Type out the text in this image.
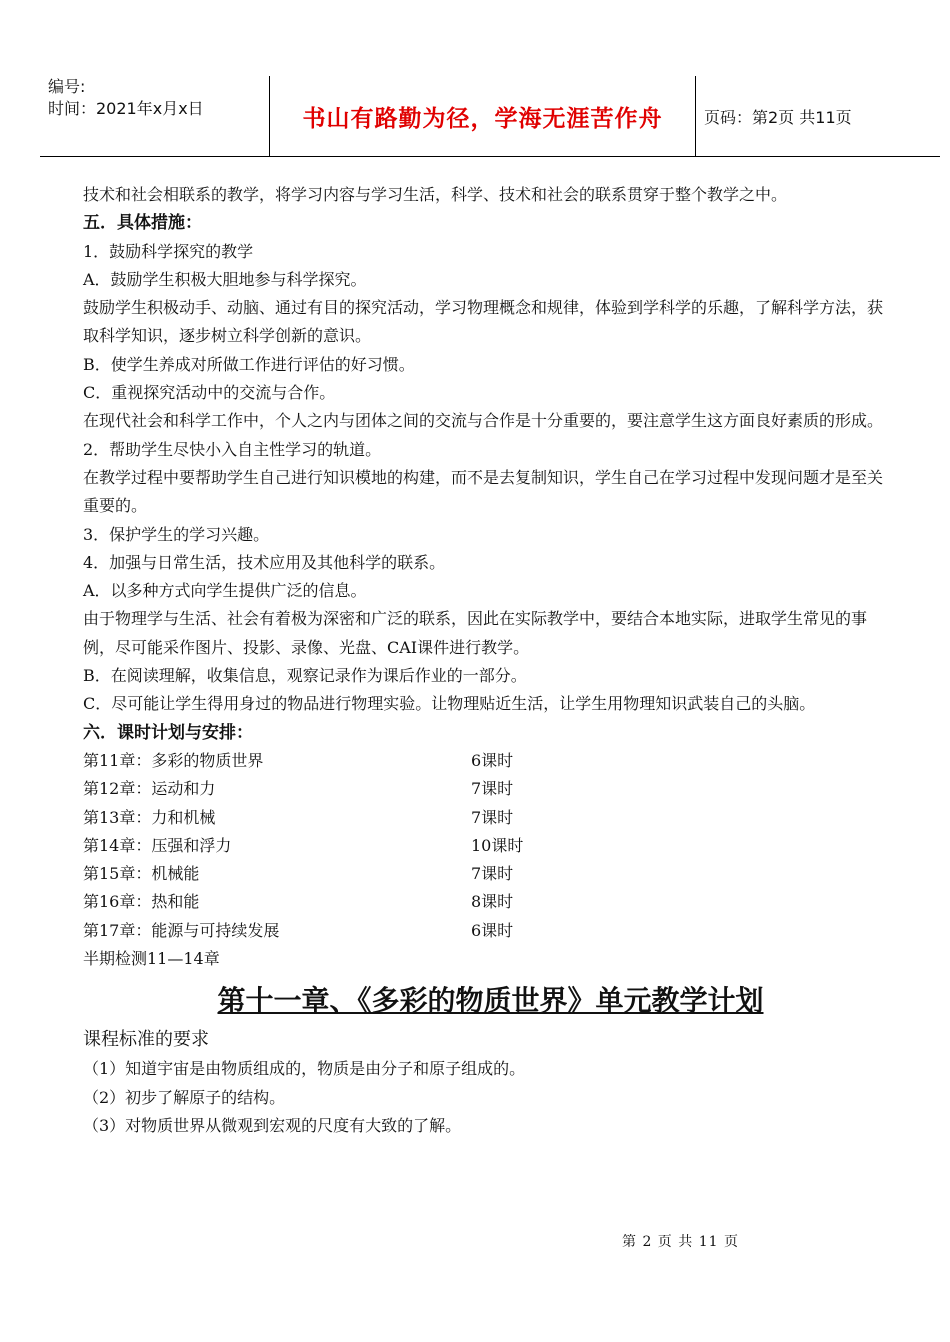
编号:
时间：2021年x月x日	书山有路勤为径，学海无涯苦作舟	页码：第2页 共11页

技术和社会相联系的教学，将学习内容与学习生活，科学、技术和社会的联系贯穿于整个教学之中。

五．具体措施：

1．鼓励科学探究的教学

A．鼓励学生积极大胆地参与科学探究。

鼓励学生积极动手、动脑、通过有目的探究活动，学习物理概念和规律，体验到学科学的乐趣，了解科学方法，获取科学知识，逐步树立科学创新的意识。

B．使学生养成对所做工作进行评估的好习惯。

C．重视探究活动中的交流与合作。

在现代社会和科学工作中，个人之内与团体之间的交流与合作是十分重要的，要注意学生这方面良好素质的形成。

2．帮助学生尽快小入自主性学习的轨道。

在教学过程中要帮助学生自己进行知识模地的构建，而不是去复制知识，学生自己在学习过程中发现问题才是至关重要的。

3．保护学生的学习兴趣。

4．加强与日常生活，技术应用及其他科学的联系。

A．以多种方式向学生提供广泛的信息。

由于物理学与生活、社会有着极为深密和广泛的联系，因此在实际教学中，要结合本地实际，进取学生常见的事例，尽可能采作图片、投影、录像、光盘、CAI课件进行教学。

B．在阅读理解，收集信息，观察记录作为课后作业的一部分。

C．尽可能让学生得用身过的物品进行物理实验。让物理贴近生活，让学生用物理知识武装自己的头脑。

六．课时计划与安排：

第11章：多彩的物质世界	6课时
第12章：运动和力	7课时
第13章：力和机械	7课时
第14章：压强和浮力	10课时
第15章：机械能	7课时
第16章：热和能	8课时
第17章：能源与可持续发展	6课时

半期检测11—14章

第十一章、《多彩的物质世界》单元教学计划

课程标准的要求

（1）知道宇宙是由物质组成的，物质是由分子和原子组成的。

（2）初步了解原子的结构。

（3）对物质世界从微观到宏观的尺度有大致的了解。

第 2 页 共 11 页
